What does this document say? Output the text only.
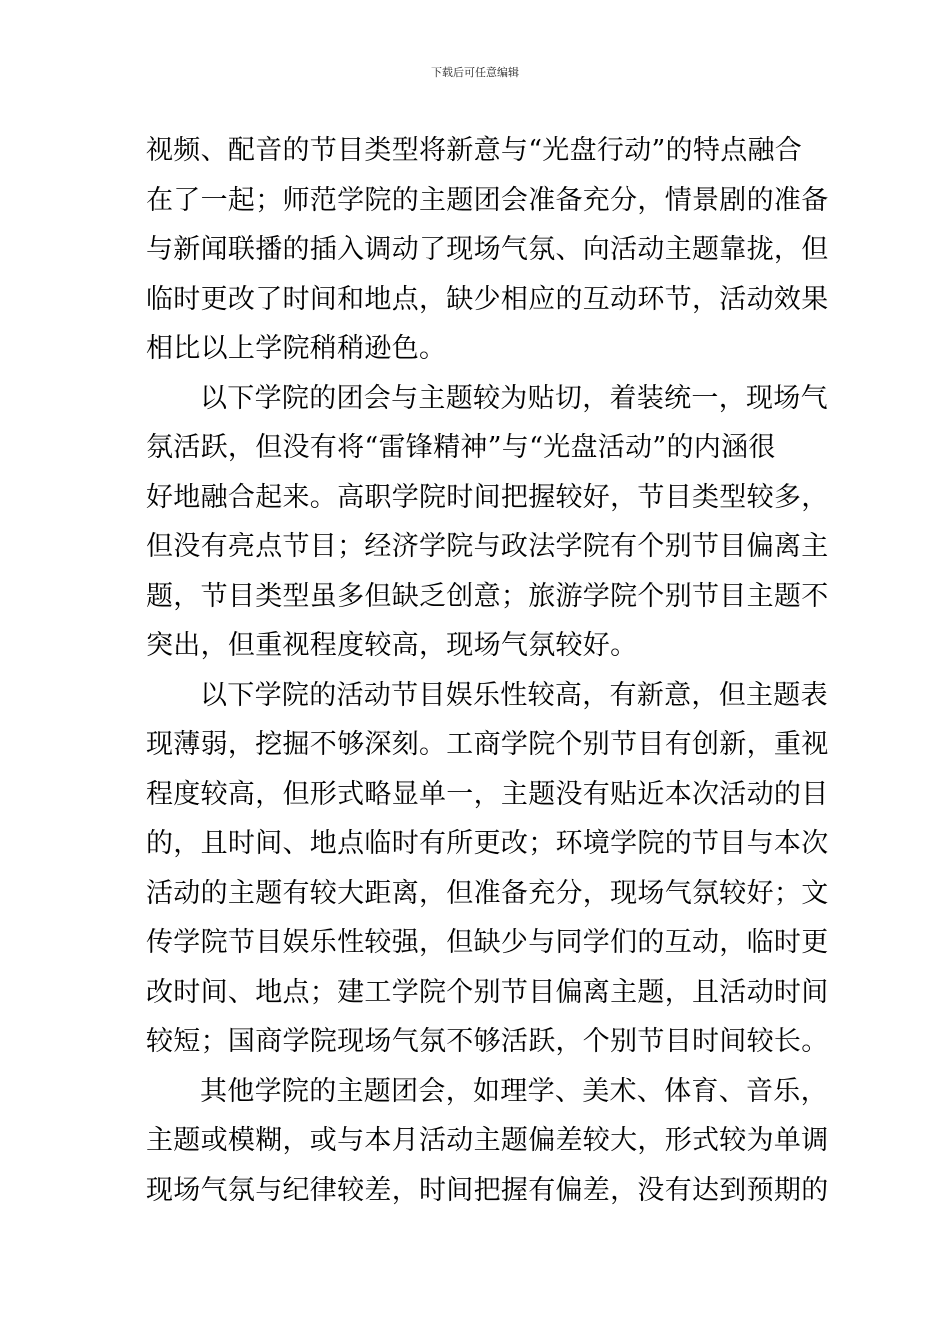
下载后可任意编辑
视频、配音的节目类型将新意与“光盘行动”的特点融合
在了一起；师范学院的主题团会准备充分，情景剧的准备
与新闻联播的插入调动了现场气氛、向活动主题靠拢，但
临时更改了时间和地点，缺少相应的互动环节，活动效果
相比以上学院稍稍逊色。
以下学院的团会与主题较为贴切，着装统一，现场气
氛活跃，但没有将“雷锋精神”与“光盘活动”的内涵很
好地融合起来。高职学院时间把握较好，节目类型较多，
但没有亮点节目；经济学院与政法学院有个别节目偏离主
题，节目类型虽多但缺乏创意；旅游学院个别节目主题不
突出，但重视程度较高，现场气氛较好。
以下学院的活动节目娱乐性较高，有新意，但主题表
现薄弱，挖掘不够深刻。工商学院个别节目有创新，重视
程度较高，但形式略显单一，主题没有贴近本次活动的目
的，且时间、地点临时有所更改；环境学院的节目与本次
活动的主题有较大距离，但准备充分，现场气氛较好；文
传学院节目娱乐性较强，但缺少与同学们的互动，临时更
改时间、地点；建工学院个别节目偏离主题，且活动时间
较短；国商学院现场气氛不够活跃，个别节目时间较长。
其他学院的主题团会，如理学、美术、体育、音乐，
主题或模糊，或与本月活动主题偏差较大，形式较为单调
现场气氛与纪律较差，时间把握有偏差，没有达到预期的
